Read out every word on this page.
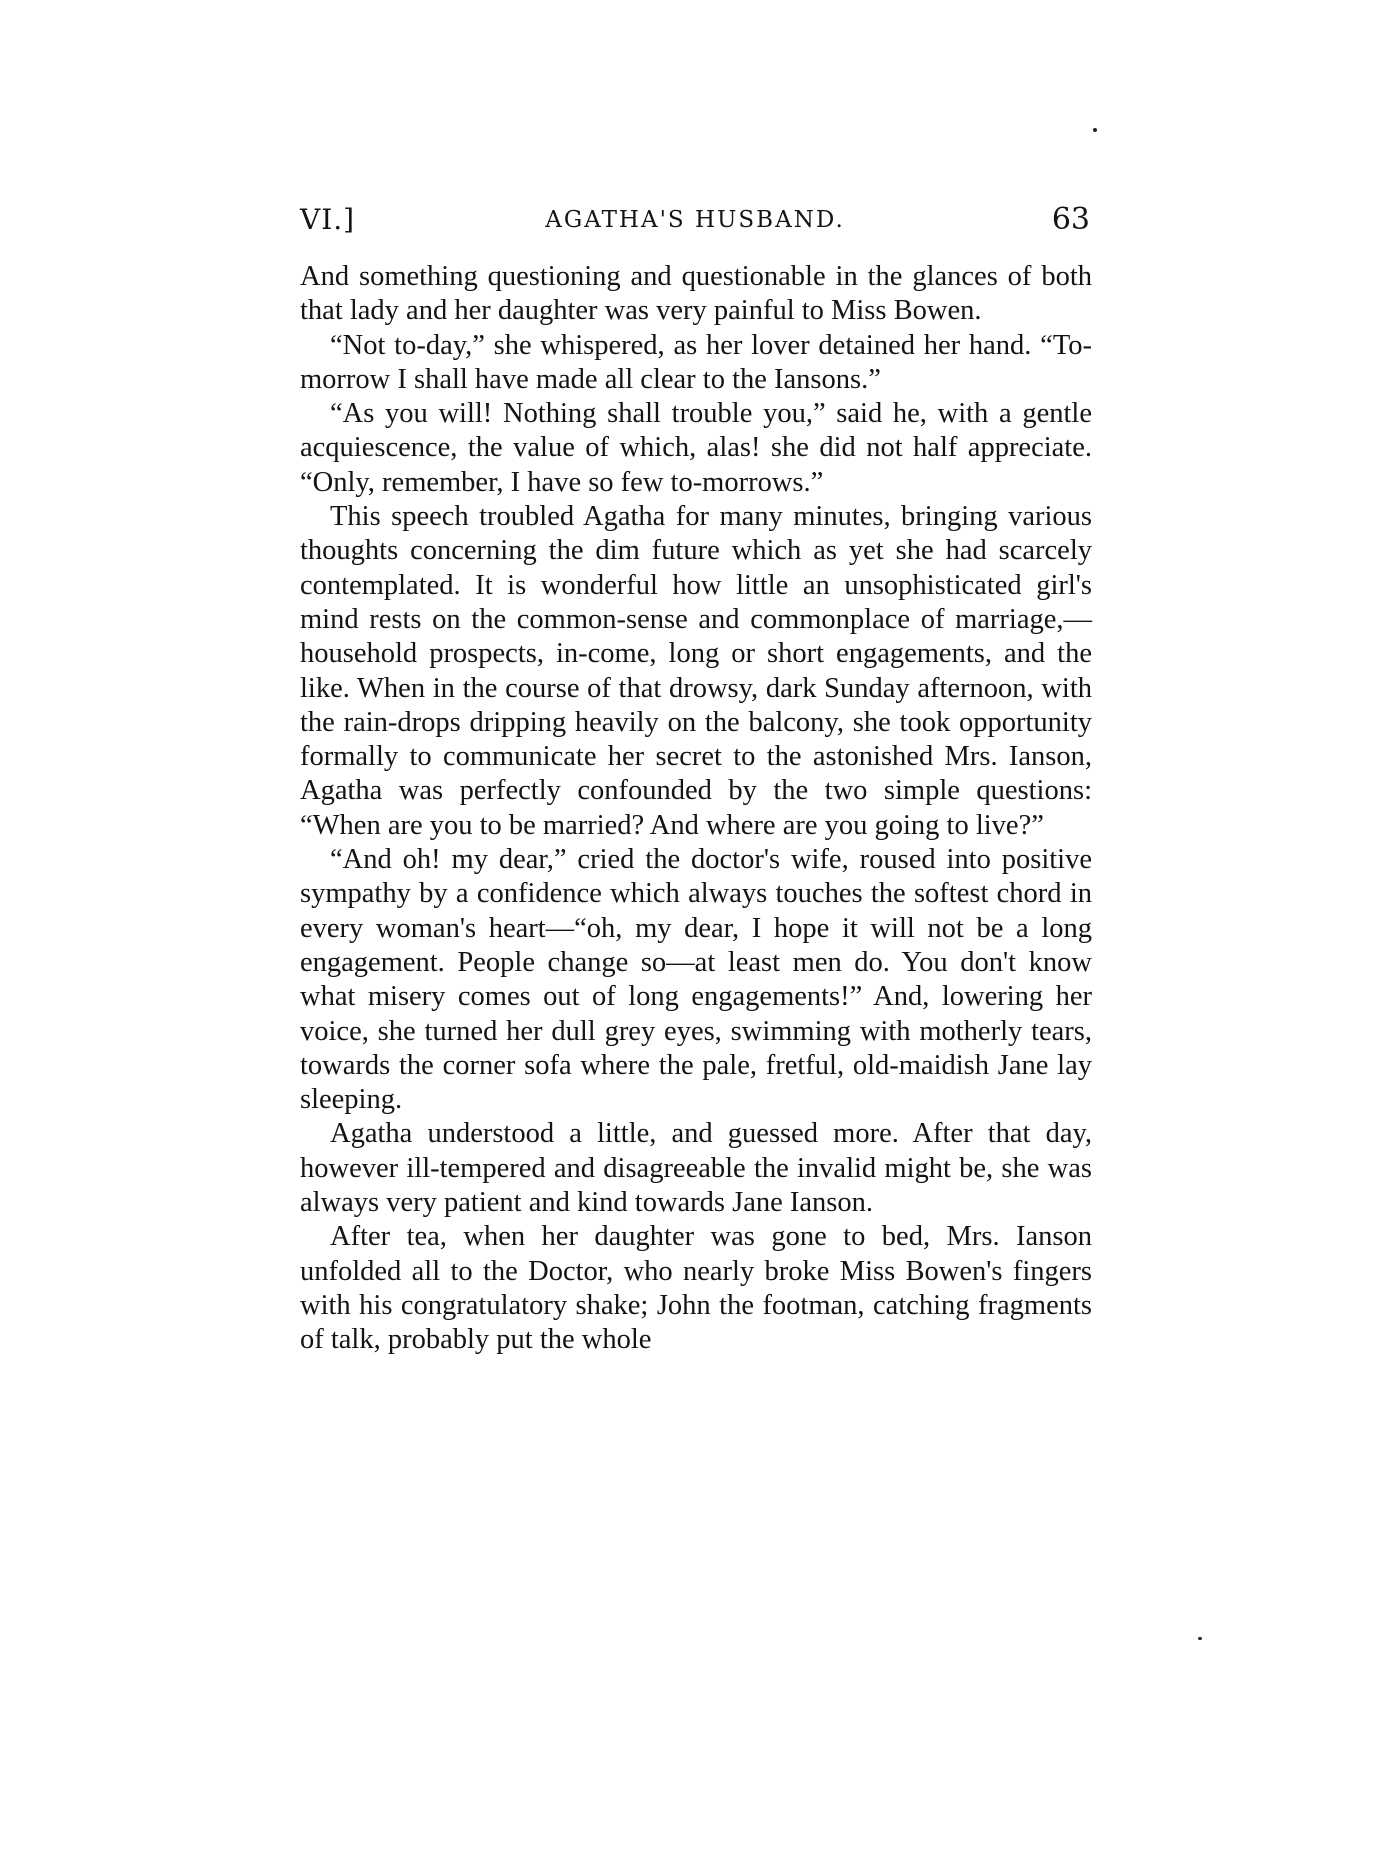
VI.]	AGATHA'S HUSBAND.	63

And something questioning and questionable in the glances of both that lady and her daughter was very painful to Miss Bowen.

“Not to-day,” she whispered, as her lover detained her hand. “To-morrow I shall have made all clear to the Iansons.”

“As you will! Nothing shall trouble you,” said he, with a gentle acquiescence, the value of which, alas! she did not half appreciate. “Only, remember, I have so few to-morrows.”

This speech troubled Agatha for many minutes, bringing various thoughts concerning the dim future which as yet she had scarcely contemplated. It is wonderful how little an unsophisticated girl's mind rests on the common-sense and commonplace of marriage,—household prospects, in-come, long or short engagements, and the like. When in the course of that drowsy, dark Sunday afternoon, with the rain-drops dripping heavily on the balcony, she took opportunity formally to communicate her secret to the astonished Mrs. Ianson, Agatha was perfectly confounded by the two simple questions: “When are you to be married? And where are you going to live?”

“And oh! my dear,” cried the doctor's wife, roused into positive sympathy by a confidence which always touches the softest chord in every woman's heart—“oh, my dear, I hope it will not be a long engagement. People change so—at least men do. You don't know what misery comes out of long engagements!” And, lowering her voice, she turned her dull grey eyes, swimming with motherly tears, towards the corner sofa where the pale, fretful, old-maidish Jane lay sleeping.

Agatha understood a little, and guessed more. After that day, however ill-tempered and disagreeable the invalid might be, she was always very patient and kind towards Jane Ianson.

After tea, when her daughter was gone to bed, Mrs. Ianson unfolded all to the Doctor, who nearly broke Miss Bowen's fingers with his congratulatory shake; John the footman, catching fragments of talk, probably put the whole
